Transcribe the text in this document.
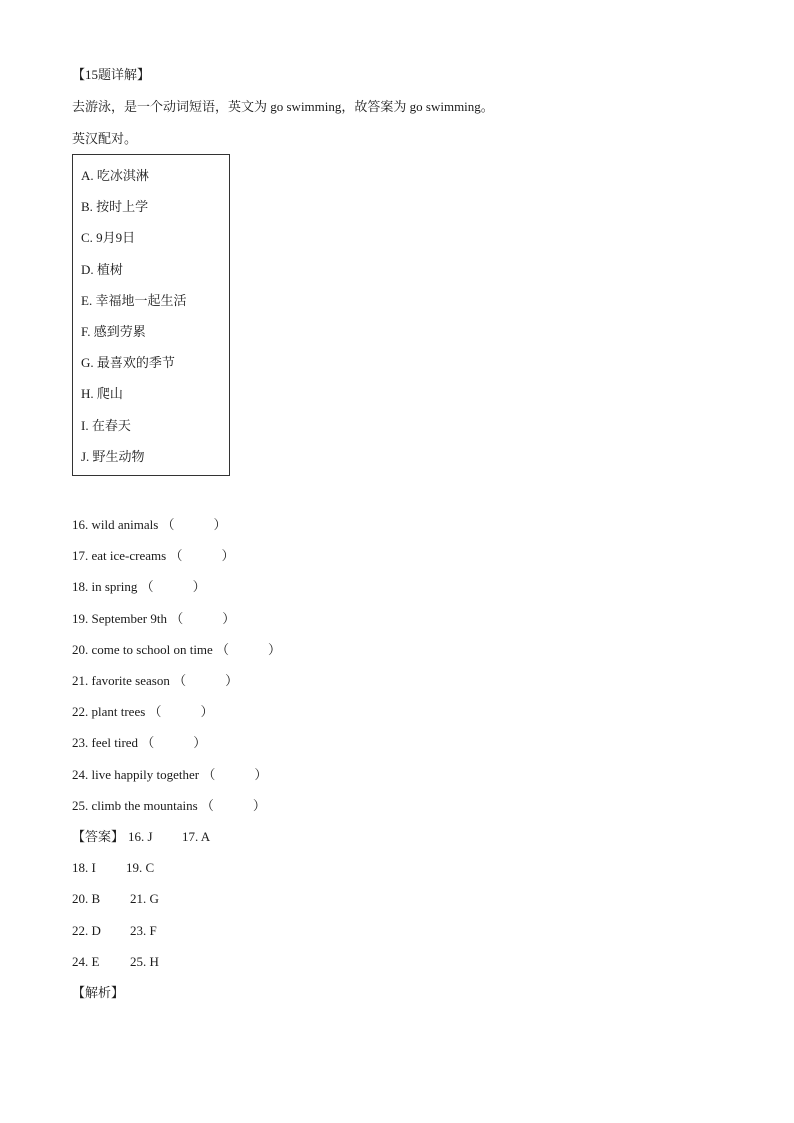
【15题详解】
去游泳，是一个动词短语，英文为 go swimming，故答案为 go swimming。
英汉配对。
A. 吃冰淇淋
B. 按时上学
C. 9月9日
D. 植树
E. 幸福地一起生活
F. 感到劳累
G. 最喜欢的季节
H. 爬山
I. 在春天
J. 野生动物
16. wild animals （            ）
17. eat ice-creams （            ）
18. in spring （            ）
19. September 9th （            ）
20. come to school on time （            ）
21. favorite season （            ）
22. plant trees （            ）
23. feel tired （            ）
24. live happily together （            ）
25. climb the mountains （            ）
【答案】 16. J 17. A
18. I 19. C
20. B 21. G
22. D 23. F
24. E 25. H
【解析】
